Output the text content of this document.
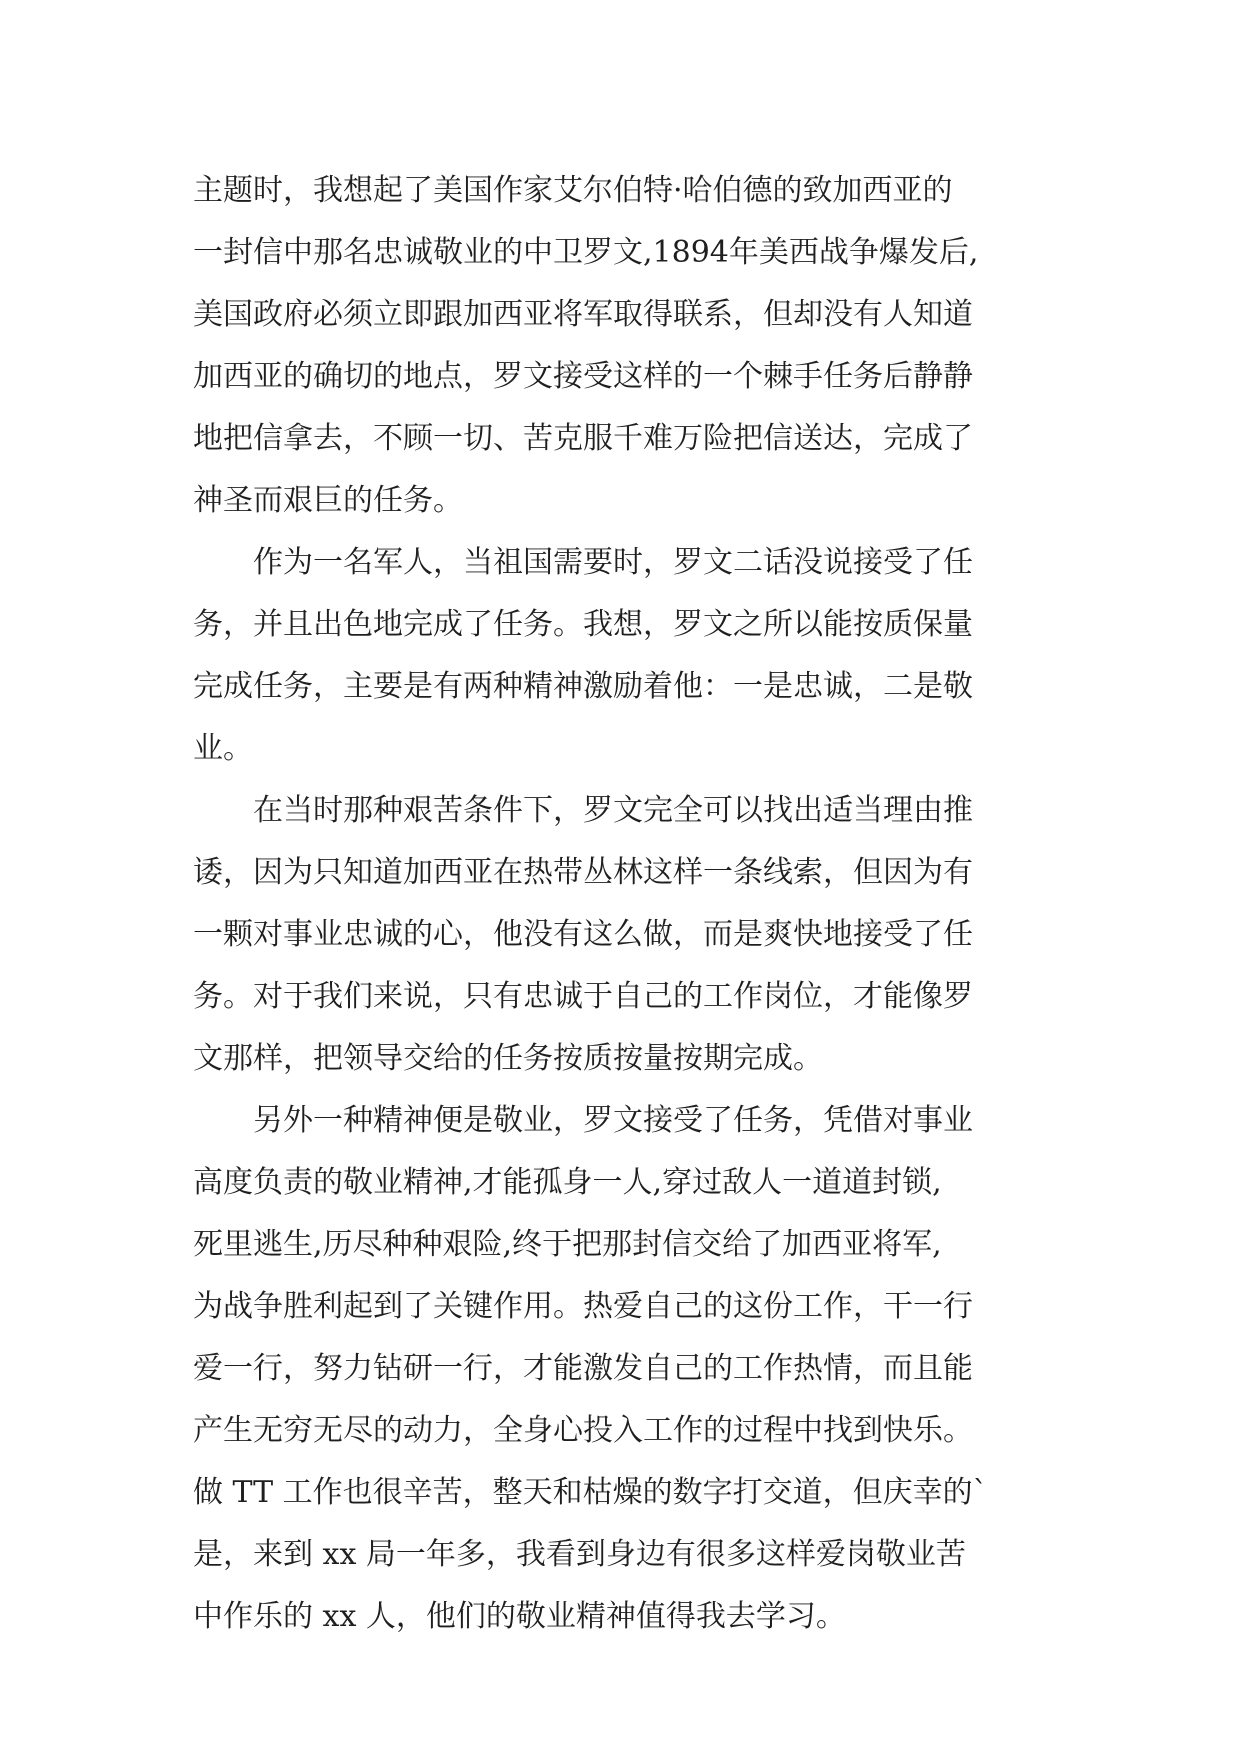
主题时，我想起了美国作家艾尔伯特·哈伯德的致加西亚的
一封信中那名忠诚敬业的中卫罗文,1894年美西战争爆发后,
美国政府必须立即跟加西亚将军取得联系，但却没有人知道
加西亚的确切的地点，罗文接受这样的一个棘手任务后静静
地把信拿去，不顾一切、苦克服千难万险把信送达，完成了
神圣而艰巨的任务。
　　作为一名军人，当祖国需要时，罗文二话没说接受了任
务，并且出色地完成了任务。我想，罗文之所以能按质保量
完成任务，主要是有两种精神激励着他：一是忠诚，二是敬
业。
　　在当时那种艰苦条件下，罗文完全可以找出适当理由推
诿，因为只知道加西亚在热带丛林这样一条线索，但因为有
一颗对事业忠诚的心，他没有这么做，而是爽快地接受了任
务。对于我们来说，只有忠诚于自己的工作岗位，才能像罗
文那样，把领导交给的任务按质按量按期完成。
　　另外一种精神便是敬业，罗文接受了任务，凭借对事业
高度负责的敬业精神,才能孤身一人,穿过敌人一道道封锁,
死里逃生,历尽种种艰险,终于把那封信交给了加西亚将军,
为战争胜利起到了关键作用。热爱自己的这份工作，干一行
爱一行，努力钻研一行，才能激发自己的工作热情，而且能
产生无穷无尽的动力，全身心投入工作的过程中找到快乐。
做 TT 工作也很辛苦，整天和枯燥的数字打交道，但庆幸的`
是，来到 xx 局一年多，我看到身边有很多这样爱岗敬业苦
中作乐的 xx 人，他们的敬业精神值得我去学习。
